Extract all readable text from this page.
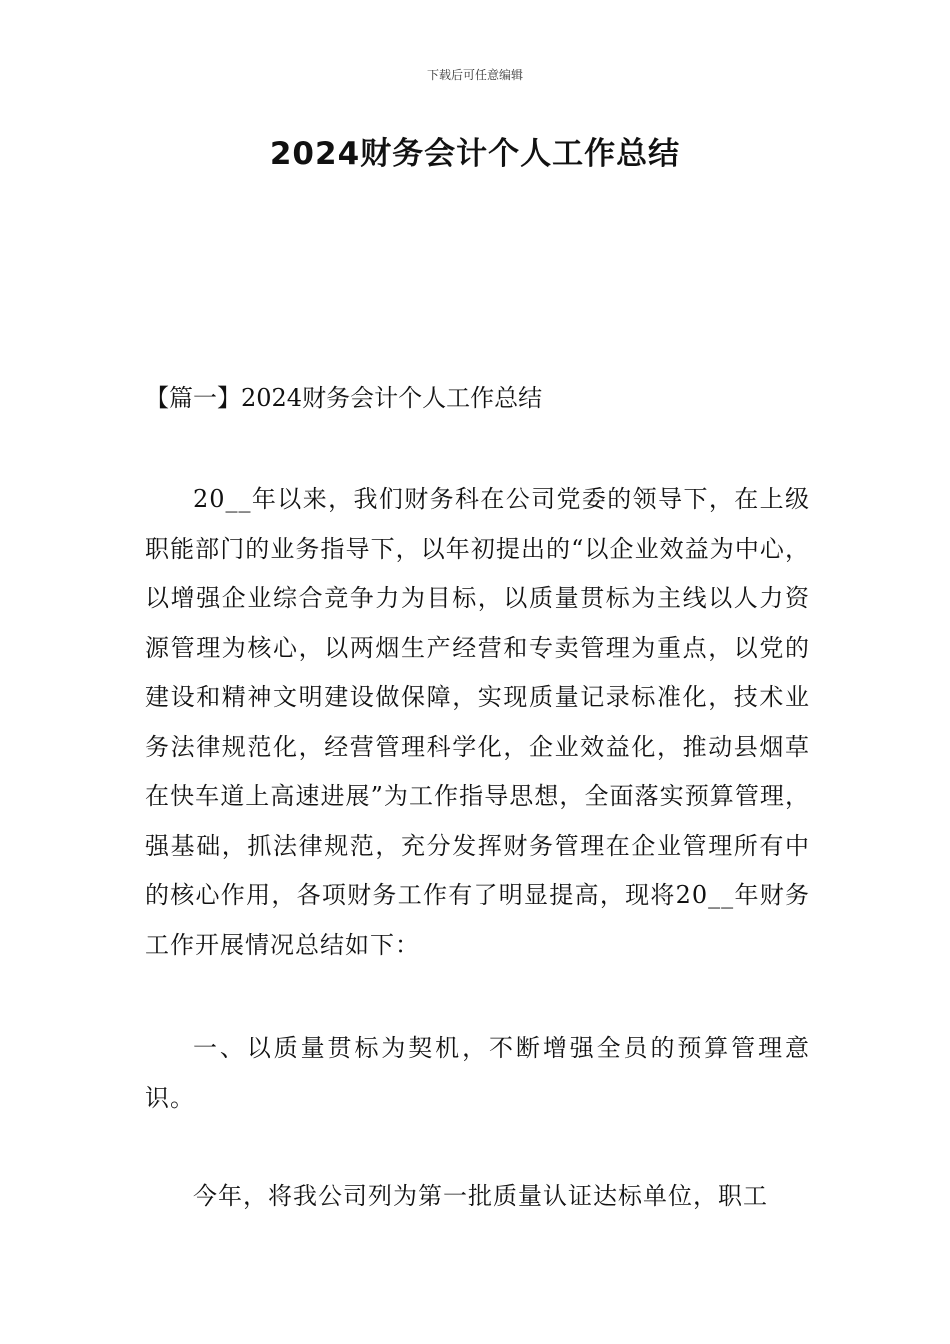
下载后可任意编辑
2024财务会计个人工作总结
【篇一】2024财务会计个人工作总结

20__年以来，我们财务科在公司党委的领导下，在上级职能部门的业务指导下，以年初提出的“以企业效益为中心，以增强企业综合竞争力为目标，以质量贯标为主线以人力资源管理为核心，以两烟生产经营和专卖管理为重点，以党的建设和精神文明建设做保障，实现质量记录标准化，技术业务法律规范化，经营管理科学化，企业效益化，推动县烟草在快车道上高速进展”为工作指导思想，全面落实预算管理，强基础，抓法律规范，充分发挥财务管理在企业管理所有中的核心作用，各项财务工作有了明显提高，现将20__年财务工作开展情况总结如下：

一、以质量贯标为契机，不断增强全员的预算管理意识。

今年，将我公司列为第一批质量认证达标单位，职工
